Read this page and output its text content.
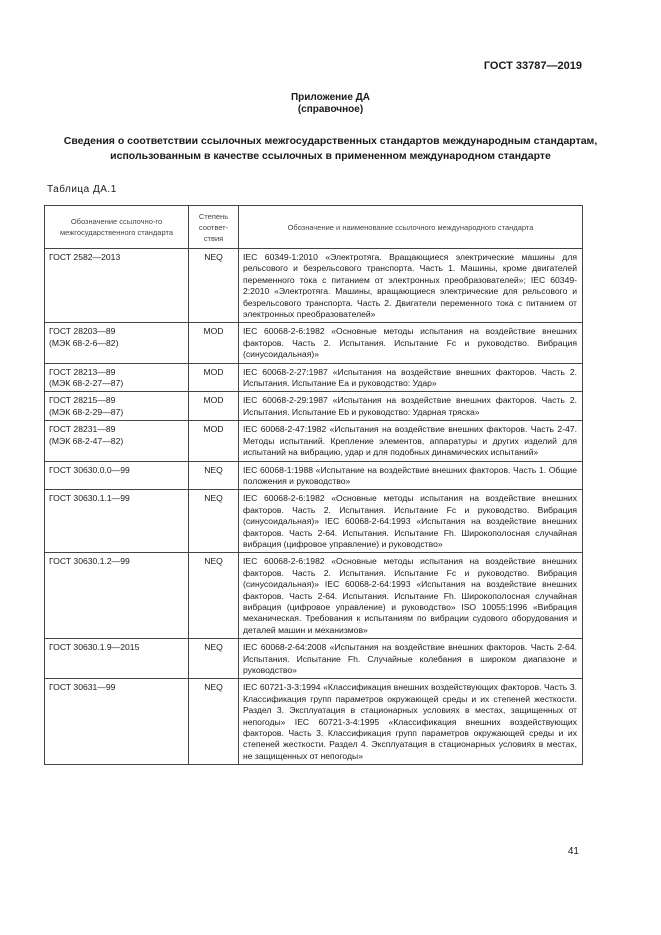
ГОСТ 33787—2019
Приложение ДА
(справочное)
Сведения о соответствии ссылочных межгосударственных стандартов международным стандартам, использованным в качестве ссылочных в примененном международном стандарте
Таблица ДА.1
Обозначение ссылочно-го межгосударственного стандарта	Степень соответ-ствия	Обозначение и наименование ссылочного международного стандарта

ГОСТ 2582—2013	NEQ	IEC 60349-1:2010 «Электротяга. Вращающиеся электрические машины для рельсового и безрельсового транспорта. Часть 1. Машины, кроме двигателей переменного тока с питанием от электронных преобразователей»; IEC 60349-2:2010 «Электротяга. Машины, вращающиеся электрические для рельсового и безрельсового транспорта. Часть 2. Двигатели переменного тока с питанием от электронных преобразователей»

ГОСТ 28203—89
(МЭК 68-2-6—82)	MOD	IEC 60068-2-6:1982 «Основные методы испытания на воздействие внешних факторов. Часть 2. Испытания. Испытание Fc и руководство. Вибрация (синусоидальная)»

ГОСТ 28213—89
(МЭК 68-2-27—87)	MOD	IEC 60068-2-27:1987 «Испытания на воздействие внешних факторов. Часть 2. Испытания. Испытание Ea и руководство: Удар»

ГОСТ 28215—89
(МЭК 68-2-29—87)	MOD	IEC 60068-2-29:1987 «Испытания на воздействие внешних факторов. Часть 2. Испытания. Испытание Eb и руководство: Ударная тряска»

ГОСТ 28231—89
(МЭК 68-2-47—82)	MOD	IEC 60068-2-47:1982 «Испытания на воздействие внешних факторов. Часть 2-47. Методы испытаний. Крепление элементов, аппаратуры и других изделий для испытаний на вибрацию, удар и для подобных динамических испытаний»

ГОСТ 30630.0.0—99	NEQ	IEC 60068-1:1988 «Испытание на воздействие внешних факторов. Часть 1. Общие положения и руководство»

ГОСТ 30630.1.1—99	NEQ	IEC 60068-2-6:1982 «Основные методы испытания на воздействие внешних факторов. Часть 2. Испытания. Испытание Fc и руководство. Вибрация (синусоидальная)» IEC 60068-2-64:1993 «Испытания на воздействие внешних факторов. Часть 2-64. Испытания. Испытание Fh. Широкополосная случайная вибрация (цифровое управление) и руководство»

ГОСТ 30630.1.2—99	NEQ	IEC 60068-2-6:1982 «Основные методы испытания на воздействие внешних факторов. Часть 2. Испытания. Испытание Fc и руководство. Вибрация (синусоидальная)» IEC 60068-2-64:1993 «Испытания на воздействие внешних факторов. Часть 2-64. Испытания. Испытание Fh. Широкополосная случайная вибрация (цифровое управление) и руководство» ISO 10055:1996 «Вибрация механическая. Требования к испытаниям по вибрации судового оборудования и деталей машин и механизмов»

ГОСТ 30630.1.9—2015	NEQ	IEC 60068-2-64:2008 «Испытания на воздействие внешних факторов. Часть 2-64. Испытания. Испытание Fh. Случайные колебания в широком диапазоне и руководство»

ГОСТ 30631—99	NEQ	IEC 60721-3-3:1994 «Классификация внешних воздействующих факторов. Часть 3. Классификация групп параметров окружающей среды и их степеней жесткости. Раздел 3. Эксплуатация в стационарных условиях в местах, защищенных от непогоды» IEC 60721-3-4:1995 «Классификация внешних воздействующих факторов. Часть 3. Классификация групп параметров окружающей среды и их степеней жесткости. Раздел 4. Эксплуатация в стационарных условиях в местах, не защищенных от непогоды»
41
